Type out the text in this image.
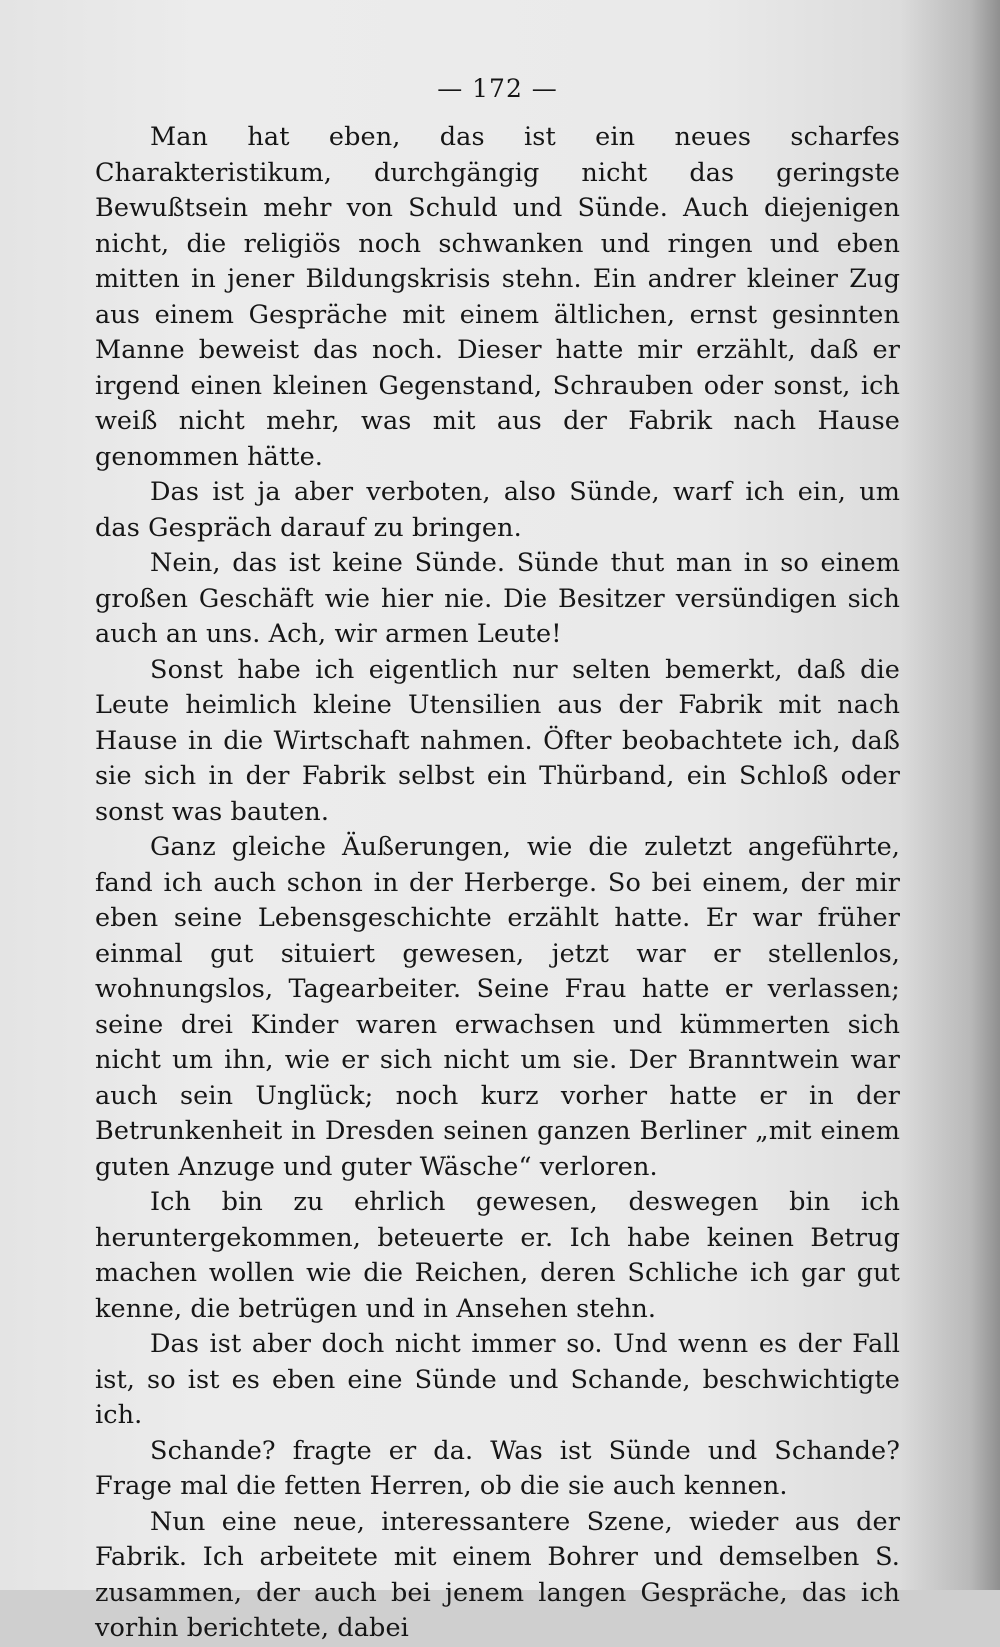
— 172 —

Man hat eben, das ist ein neues scharfes Charakteristikum, durchgängig nicht das geringste Bewußtsein mehr von Schuld und Sünde. Auch diejenigen nicht, die religiös noch schwanken und ringen und eben mitten in jener Bildungskrisis stehn. Ein andrer kleiner Zug aus einem Gespräche mit einem ältlichen, ernst gesinnten Manne beweist das noch. Dieser hatte mir erzählt, daß er irgend einen kleinen Gegenstand, Schrauben oder sonst, ich weiß nicht mehr, was mit aus der Fabrik nach Hause genommen hätte.

Das ist ja aber verboten, also Sünde, warf ich ein, um das Gespräch darauf zu bringen.

Nein, das ist keine Sünde. Sünde thut man in so einem großen Geschäft wie hier nie. Die Besitzer versündigen sich auch an uns. Ach, wir armen Leute!

Sonst habe ich eigentlich nur selten bemerkt, daß die Leute heimlich kleine Utensilien aus der Fabrik mit nach Hause in die Wirtschaft nahmen. Öfter beobachtete ich, daß sie sich in der Fabrik selbst ein Thürband, ein Schloß oder sonst was bauten.

Ganz gleiche Äußerungen, wie die zuletzt angeführte, fand ich auch schon in der Herberge. So bei einem, der mir eben seine Lebensgeschichte erzählt hatte. Er war früher einmal gut situiert gewesen, jetzt war er stellenlos, wohnungslos, Tagearbeiter. Seine Frau hatte er verlassen; seine drei Kinder waren erwachsen und kümmerten sich nicht um ihn, wie er sich nicht um sie. Der Branntwein war auch sein Unglück; noch kurz vorher hatte er in der Betrunkenheit in Dresden seinen ganzen Berliner „mit einem guten Anzuge und guter Wäsche“ verloren.

Ich bin zu ehrlich gewesen, deswegen bin ich heruntergekommen, beteuerte er. Ich habe keinen Betrug machen wollen wie die Reichen, deren Schliche ich gar gut kenne, die betrügen und in Ansehen stehn.

Das ist aber doch nicht immer so. Und wenn es der Fall ist, so ist es eben eine Sünde und Schande, beschwichtigte ich.

Schande? fragte er da. Was ist Sünde und Schande? Frage mal die fetten Herren, ob die sie auch kennen.

Nun eine neue, interessantere Szene, wieder aus der Fabrik. Ich arbeitete mit einem Bohrer und demselben S. zusammen, der auch bei jenem langen Gespräche, das ich vorhin berichtete, dabei
